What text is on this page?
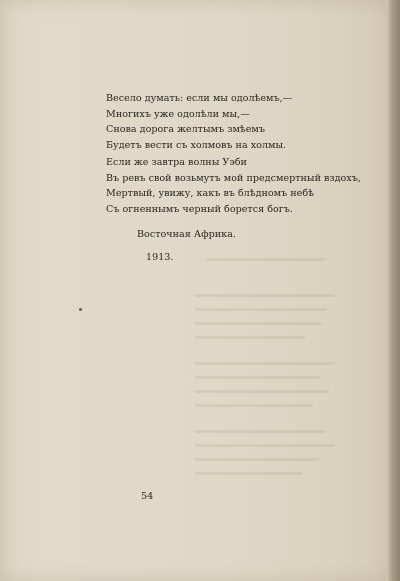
Весело думать: если мы одолѣемъ,—
Многихъ уже одолѣли мы,—
Снова дорога желтымъ змѣемъ
Будетъ вести съ холмовъ на холмы.
Если же завтра волны Уэби
Въ ревъ свой возьмутъ мой предсмертный вздохъ,
Мертвый, увижу, какъ въ блѣдномъ небѣ
Съ огненнымъ черный борется богъ.
Восточная Африка.
1913.
54
